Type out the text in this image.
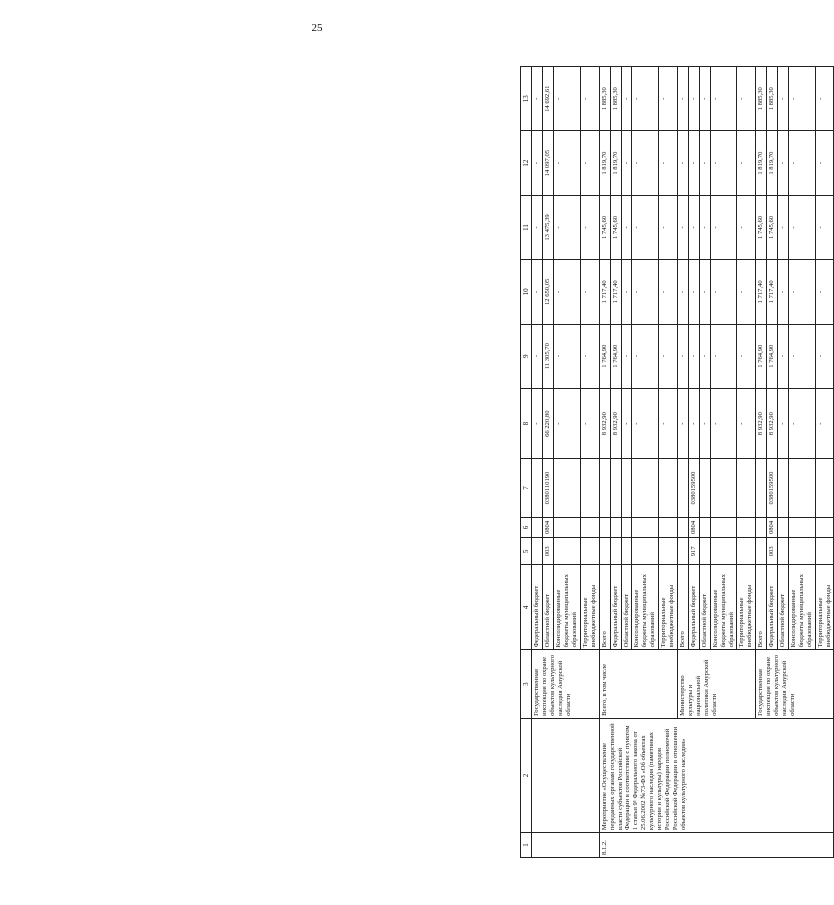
25
1	2	3	4	5	6	7	8	9	10	11	12	13
		Государственная инспекция по охране объектов культурного наследия Амурской области	Федеральный бюджет				-	-	-	-	-	-
			Областной бюджет	003	0804	0380110190	66 220,80	11 305,70	12 650,05	13 475,39	14 097,05	14 692,61
			Консолидированные бюджеты муниципальных образований				-	-	-	-	-	-
			Территориальные внебюджетные фонды				-	-	-	-	-	-
8.1.2.	Мероприятие «Осуществление переданных органам государственной власти субъектов Российской Федерации в соответствии с пунктом 1 статьи 9¹ Федерального закона от 25.06.2002 №73-ФЗ «Об объектах культурного наследия (памятниках истории и культуры) народов Российской Федерации полномочий Российской Федерации в отношении объектов культурного наследия»	Всего, в том числе	Всего				8 932,90	1 764,90	1 717,40	1 745,60	1 819,70	1 885,30
			Федеральный бюджет				8 932,90	1 764,90	1 717,40	1 745,60	1 819,70	1 885,30
			Областной бюджет				-	-	-	-	-	-
			Консолидированные бюджеты муниципальных образований				-	-	-	-	-	-
			Территориальные внебюджетные фонды				-	-	-	-	-	-
		Министерство культуры и национальной политики Амурской области	Всего				-	-	-	-	-	-
			Федеральный бюджет	917	0804	0380159500	-	-	-	-	-	-
			Областной бюджет				-	-	-	-	-	-
			Консолидированные бюджеты муниципальных образований				-	-	-	-	-	-
			Территориальные внебюджетные фонды				-	-	-	-	-	-
		Государственная инспекция по охране объектов культурного наследия Амурской области	Всего				8 932,90	1 764,90	1 717,40	1 745,60	1 819,70	1 885,30
			Федеральный бюджет	003	0804	0380159500	8 932,90	1 764,90	1 717,40	1 745,60	1 819,70	1 885,30
			Областной бюджет				-	-	-	-	-	-
			Консолидированные бюджеты муниципальных образований				-	-	-	-	-	-
			Территориальные внебюджетные фонды				-	-	-	-	-	-
